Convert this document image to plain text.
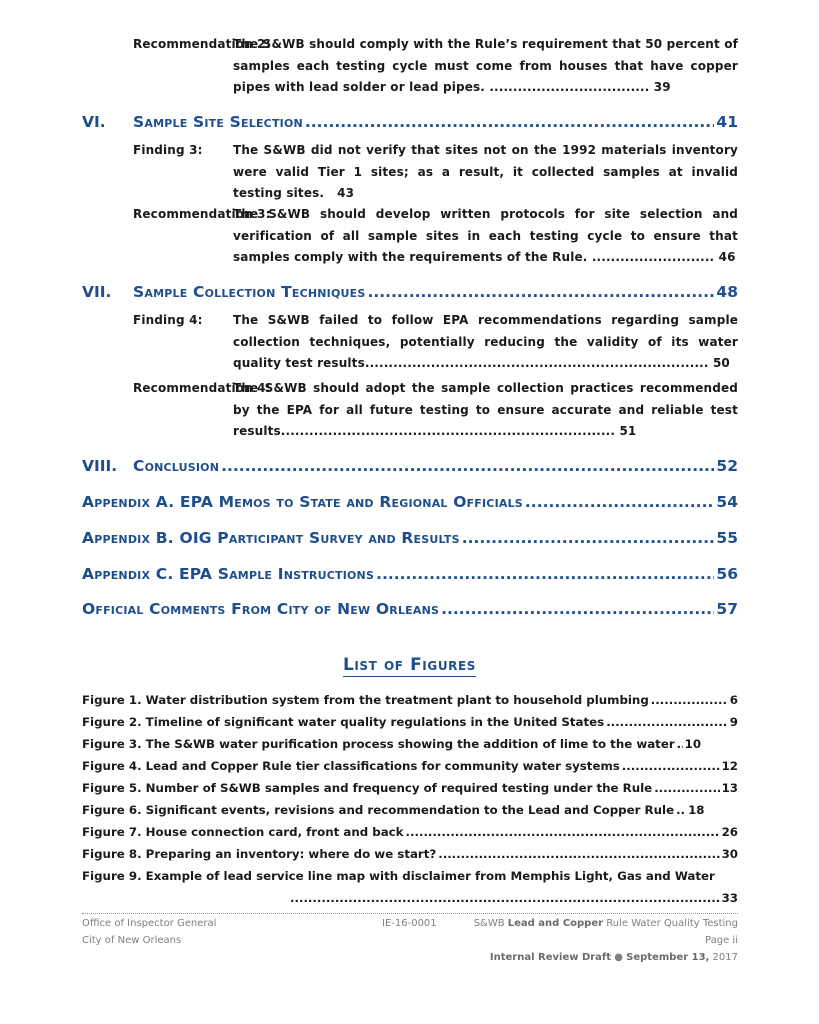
Recommendation 2:
The S&WB should comply with the Rule’s requirement that 50 percent of samples each testing cycle must come from houses that have copper pipes with lead solder or lead pipes. .................................. 39
VI. Sample Site Selection .....	41
Finding 3:	The S&WB did not verify that sites not on the 1992 materials inventory were valid Tier 1 sites; as a result, it collected samples at invalid testing sites. 43
Recommendation 3:
The S&WB should develop written protocols for site selection and verification of all sample sites in each testing cycle to ensure that samples comply with the requirements of the Rule. .......................... 46
VII. Sample Collection Techniques .....	48
Finding 4:	The S&WB failed to follow EPA recommendations regarding sample collection techniques, potentially reducing the validity of its water quality test results......................................................................... 50
Recommendation 4:
The S&WB should adopt the sample collection practices recommended by the EPA for all future testing to ensure accurate and reliable test results....................................................................... 51
VIII. Conclusion .....	52
Appendix A. EPA Memos to State and Regional Officials .....	54
Appendix B. OIG Participant Survey and Results .....	55
Appendix C. EPA Sample Instructions .....	56
Official Comments From City of New Orleans .....	57
List of Figures
Figure 1. Water distribution system from the treatment plant to household plumbing .....	6
Figure 2. Timeline of significant water quality regulations in the United States .....	9
Figure 3. The S&WB water purification process showing the addition of lime to the water ..... 10
Figure 4. Lead and Copper Rule tier classifications for community water systems .....	12
Figure 5. Number of S&WB samples and frequency of required testing under the Rule .....	13
Figure 6. Significant events, revisions and recommendation to the Lead and Copper Rule ..... 18
Figure 7. House connection card, front and back .....	26
Figure 8. Preparing an inventory: where do we start? .....	30
Figure 9. Example of lead service line map with disclaimer from Memphis Light, Gas and Water
.....
33
Office of Inspector General
City of New Orleans
IE-16-0001	S&WB Lead and Copper Rule Water Quality Testing
Page ii
Internal Review Draft ● September 13, 2017
